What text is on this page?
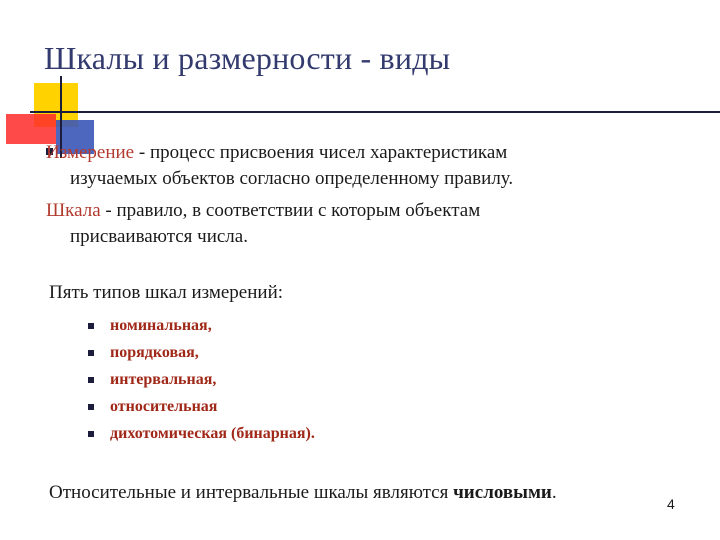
Шкалы и размерности - виды
Измерение - процесс присвоения чисел характеристикам
изучаемых объектов согласно определенному правилу.
Шкала - правило, в соответствии с которым объектам
присваиваются числа.
Пять типов шкал измерений:
номинальная,
порядковая,
интервальная,
относительная
дихотомическая (бинарная).
Относительные и интервальные шкалы являются числовыми.
4
